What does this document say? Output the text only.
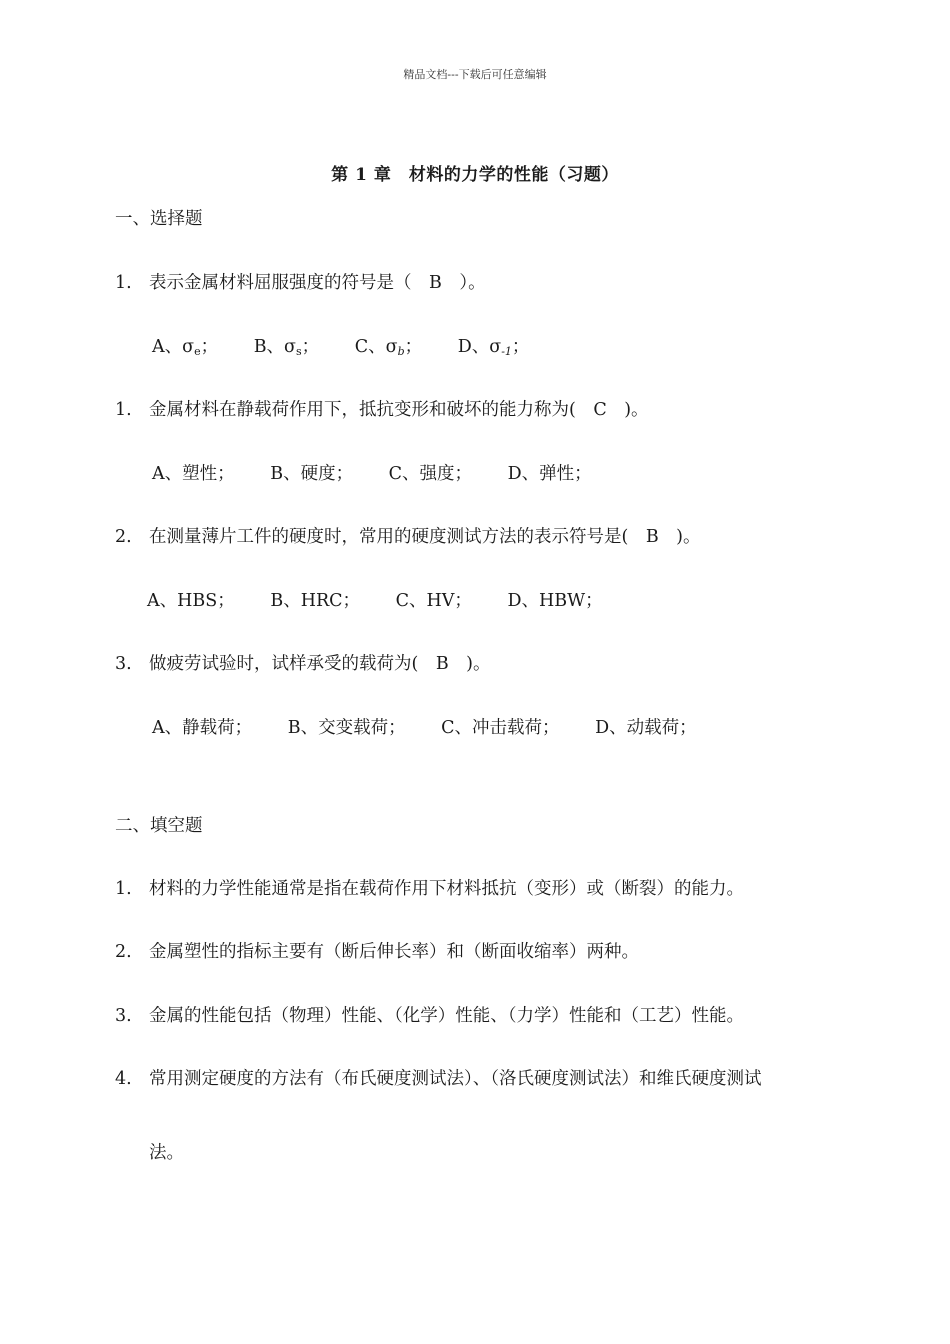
精品文档---下载后可任意编辑
第 1 章　材料的力学的性能（习题）
一、选择题
1. 表示金属材料屈服强度的符号是（　B　）。
A、$\sigma_e$； B、$\sigma_s$； C、$\sigma_b$； D、$\sigma_{-1}$；
1. 金属材料在静载荷作用下，抵抗变形和破坏的能力称为(　C　)。
A、塑性； B、硬度； C、强度； D、弹性；
2. 在测量薄片工件的硬度时，常用的硬度测试方法的表示符号是(　B　)。
A、HBS； B、HRC； C、HV； D、HBW；
3. 做疲劳试验时，试样承受的载荷为(　B　)。
A、静载荷； B、交变载荷； C、冲击载荷； D、动载荷；
二、填空题
1. 材料的力学性能通常是指在载荷作用下材料抵抗（变形）或（断裂）的能力。
2. 金属塑性的指标主要有（断后伸长率）和（断面收缩率）两种。
3. 金属的性能包括（物理）性能、（化学）性能、（力学）性能和（工艺）性能。
4. 常用测定硬度的方法有（布氏硬度测试法）、（洛氏硬度测试法）和维氏硬度测试
法。
